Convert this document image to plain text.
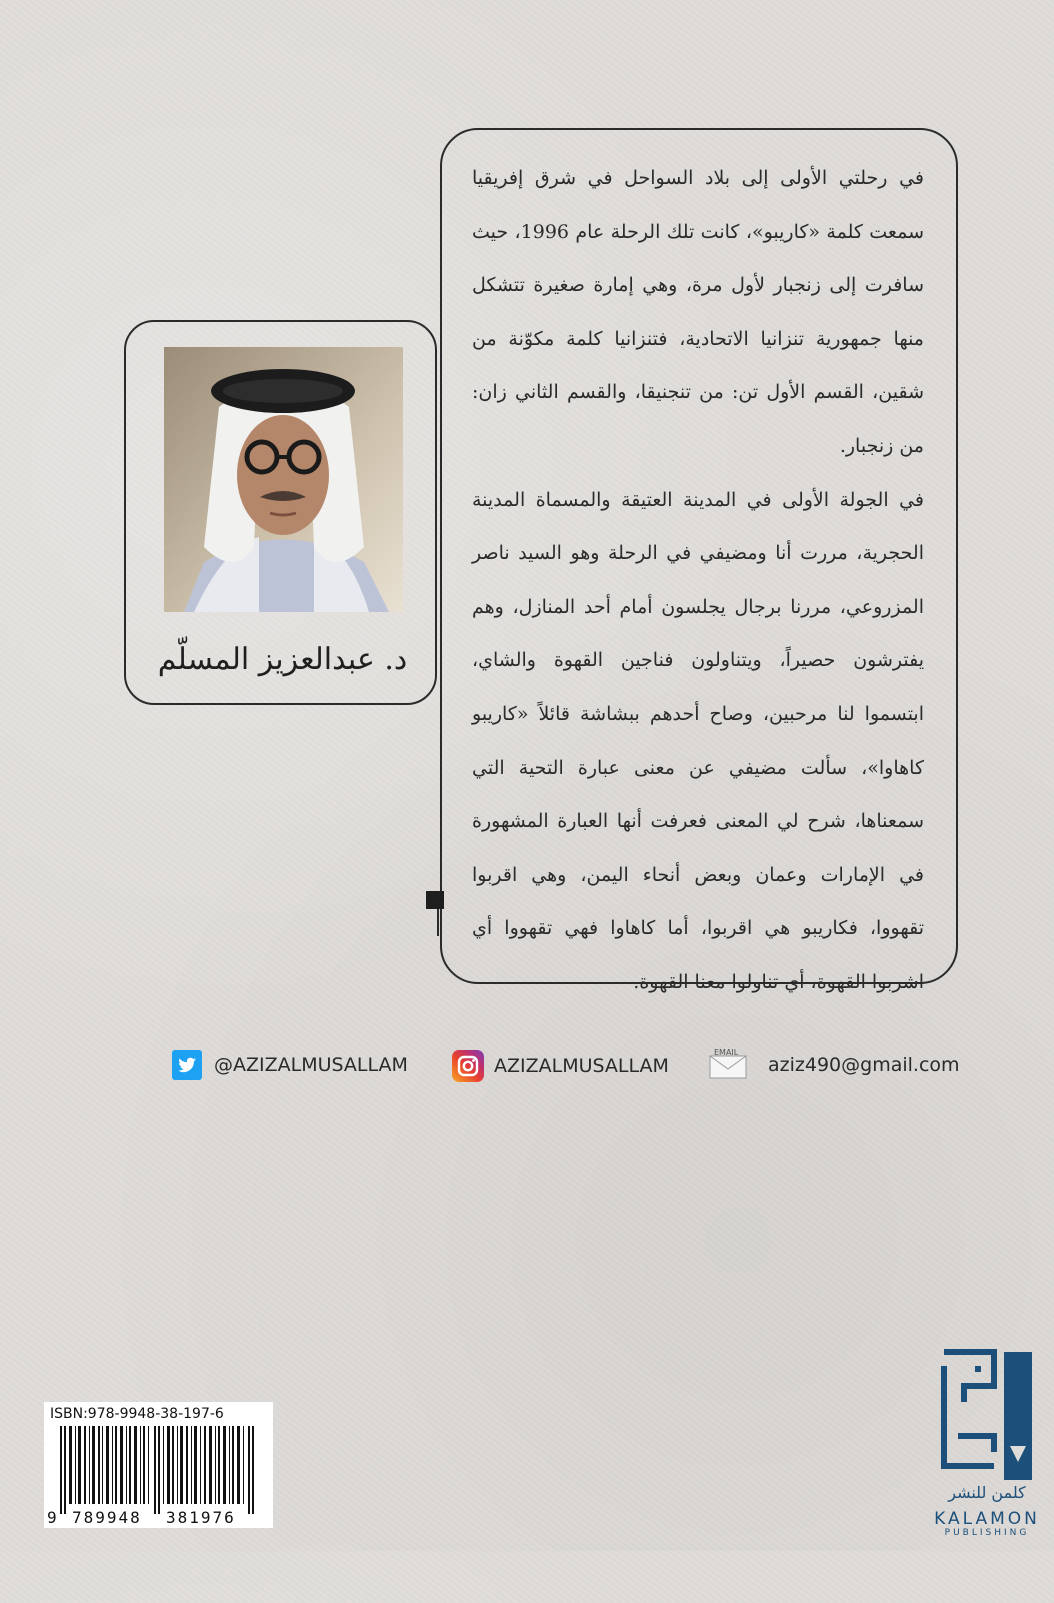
في رحلتي الأولى إلى بلاد السواحل في شرق إفريقيا سمعت كلمة «كاريبو»، كانت تلك الرحلة عام 1996، حيث سافرت إلى زنجبار لأول مرة، وهي إمارة صغيرة تتشكل منها جمهورية تنزانيا الاتحادية، فتنزانيا كلمة مكوّنة من شقين، القسم الأول تن: من تنجنيقا، والقسم الثاني زان: من زنجبار.

في الجولة الأولى في المدينة العتيقة والمسماة المدينة الحجرية، مررت أنا ومضيفي في الرحلة وهو السيد ناصر المزروعي، مررنا برجال يجلسون أمام أحد المنازل، وهم يفترشون حصيراً، ويتناولون فناجين القهوة والشاي، ابتسموا لنا مرحبين، وصاح أحدهم ببشاشة قائلاً «كاريبو كاهاوا»، سألت مضيفي عن معنى عبارة التحية التي سمعناها، شرح لي المعنى فعرفت أنها العبارة المشهورة في الإمارات وعمان وبعض أنحاء اليمن، وهي اقربوا تقهووا، فكاريبو هي اقربوا، أما كاهاوا فهي تقهووا أي اشربوا القهوة، أي تناولوا معنا القهوة.

د. عبدالعزيز المسلّم
@AZIZALMUSALLAM	AZIZALMUSALLAM
EMAIL
aziz490@gmail.com
ISBN:978-9948-38-197-6

9

789948

381976

كلمن للنشر
KALAMON
PUBLISHING
